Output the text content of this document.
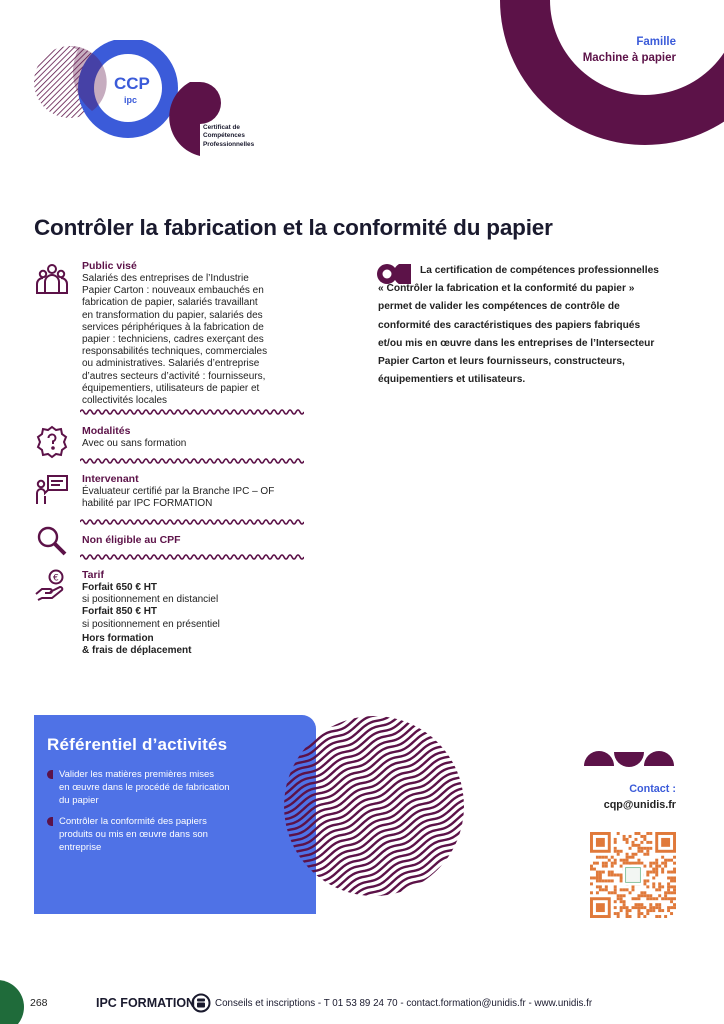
Famille
Machine à papier
CCP
ipc
Certificat de
Compétences
Professionnelles
Contrôler la fabrication et la conformité du papier
Public visé
Salariés des entreprises de l’Industrie
Papier Carton : nouveaux embauchés en
fabrication de papier, salariés travaillant
en transformation du papier, salariés des
services périphériques à la fabrication de
papier : techniciens, cadres exerçant des
responsabilités techniques, commerciales
ou administratives. Salariés d’entreprise
d’autres secteurs d’activité : fournisseurs,
équipementiers, utilisateurs de papier et
collectivités locales
Modalités
Avec ou sans formation
Intervenant
Évaluateur certifié par la Branche IPC – OF
habilité par IPC FORMATION
Non éligible au CPF
€ Tarif
Forfait 650 € HT
si positionnement en distanciel
Forfait 850 € HT
si positionnement en présentiel
Hors formation
& frais de déplacement
La certification de compétences professionnelles
« Contrôler la fabrication et la conformité du papier »
permet de valider les compétences de contrôle de
conformité des caractéristiques des papiers fabriqués
et/ou mis en œuvre dans les entreprises de l’Intersecteur
Papier Carton et leurs fournisseurs, constructeurs,
équipementiers et utilisateurs.
Référentiel d’activités
Valider les matières premières mises
en œuvre dans le procédé de fabrication
du papier
Contrôler la conformité des papiers
produits ou mis en œuvre dans son
entreprise
Contact :
cqp@unidis.fr
268	IPC FORMATION Conseils et inscriptions - T 01 53 89 24 70 - contact.formation@unidis.fr - www.unidis.fr
